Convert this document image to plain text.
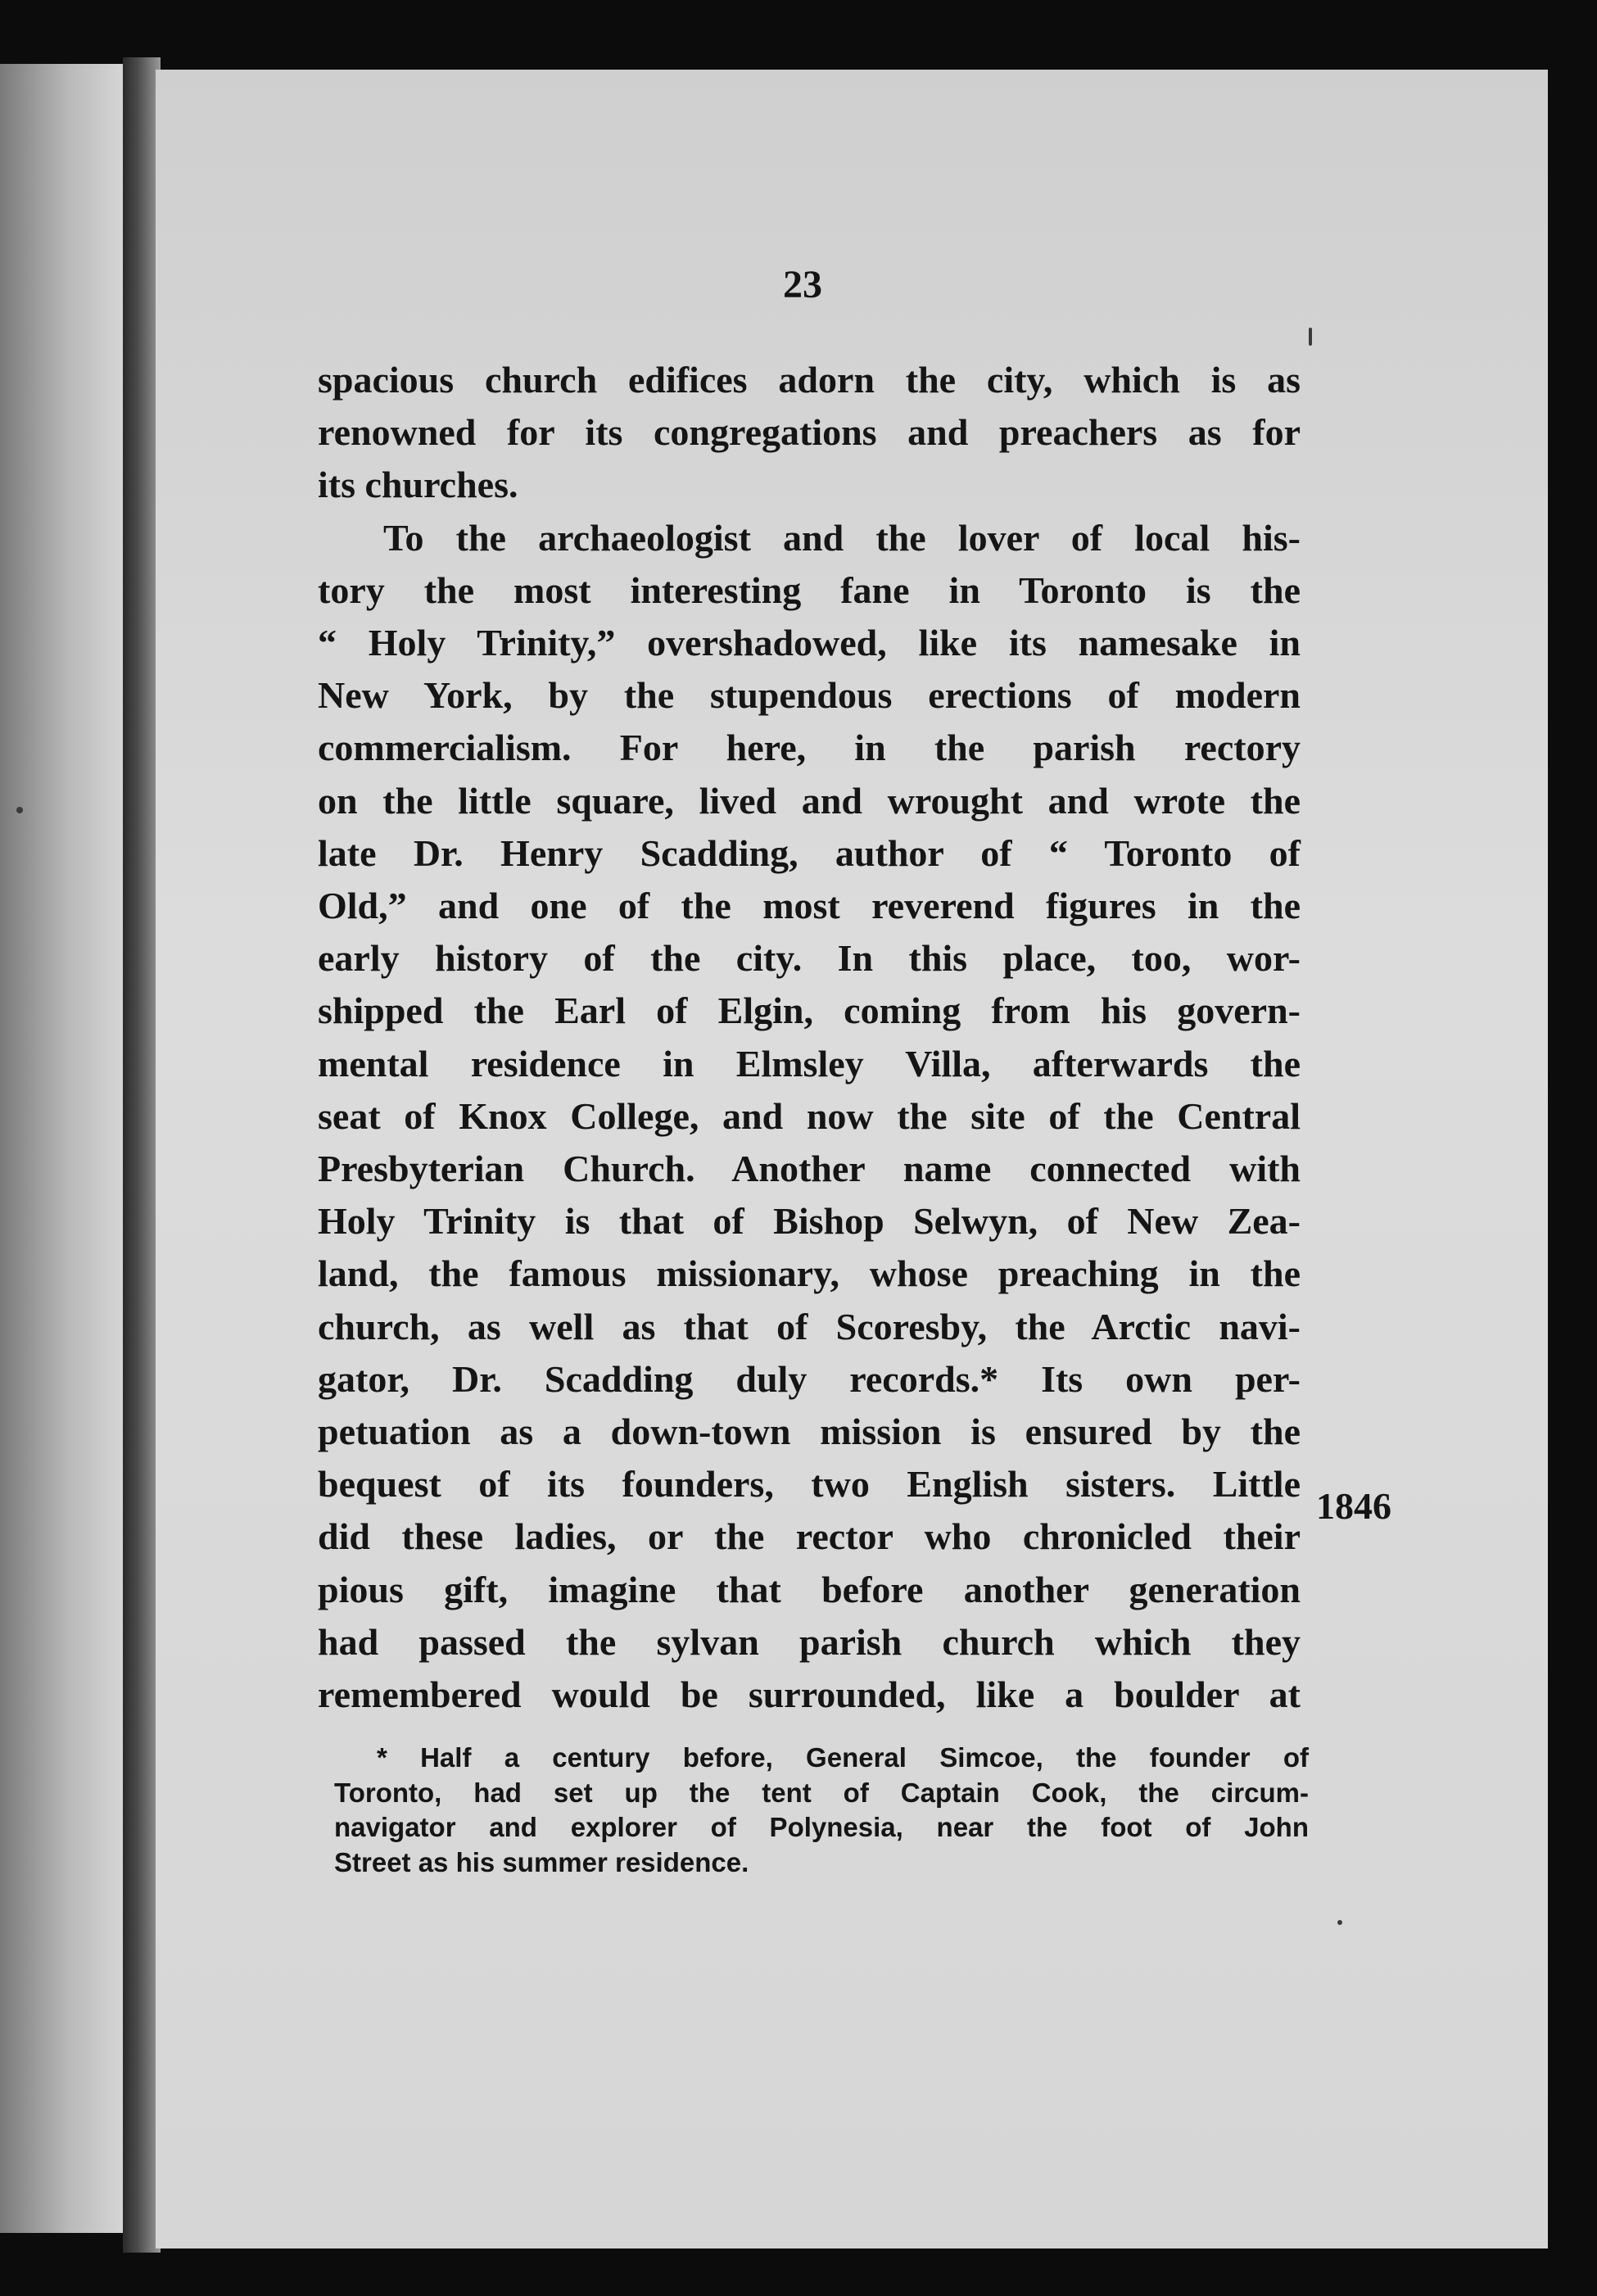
23
spacious church edifices adorn the city, which is as
renowned for its congregations and preachers as for
its churches.
To the archaeologist and the lover of local his-
tory the most interesting fane in Toronto is the
“ Holy Trinity,” overshadowed, like its namesake in
New York, by the stupendous erections of modern
commercialism. For here, in the parish rectory
on the little square, lived and wrought and wrote the
late Dr. Henry Scadding, author of “ Toronto of
Old,” and one of the most reverend figures in the
early history of the city. In this place, too, wor-
shipped the Earl of Elgin, coming from his govern-
mental residence in Elmsley Villa, afterwards the
seat of Knox College, and now the site of the Central
Presbyterian Church. Another name connected with
Holy Trinity is that of Bishop Selwyn, of New Zea-
land, the famous missionary, whose preaching in the
church, as well as that of Scoresby, the Arctic navi-
gator, Dr. Scadding duly records.* Its own per-
petuation as a down-town mission is ensured by the
bequest of its founders, two English sisters. Little
did these ladies, or the rector who chronicled their
pious gift, imagine that before another generation
had passed the sylvan parish church which they
remembered would be surrounded, like a boulder at
* Half a century before, General Simcoe, the founder of
Toronto, had set up the tent of Captain Cook, the circum-
navigator and explorer of Polynesia, near the foot of John
Street as his summer residence.
1846
